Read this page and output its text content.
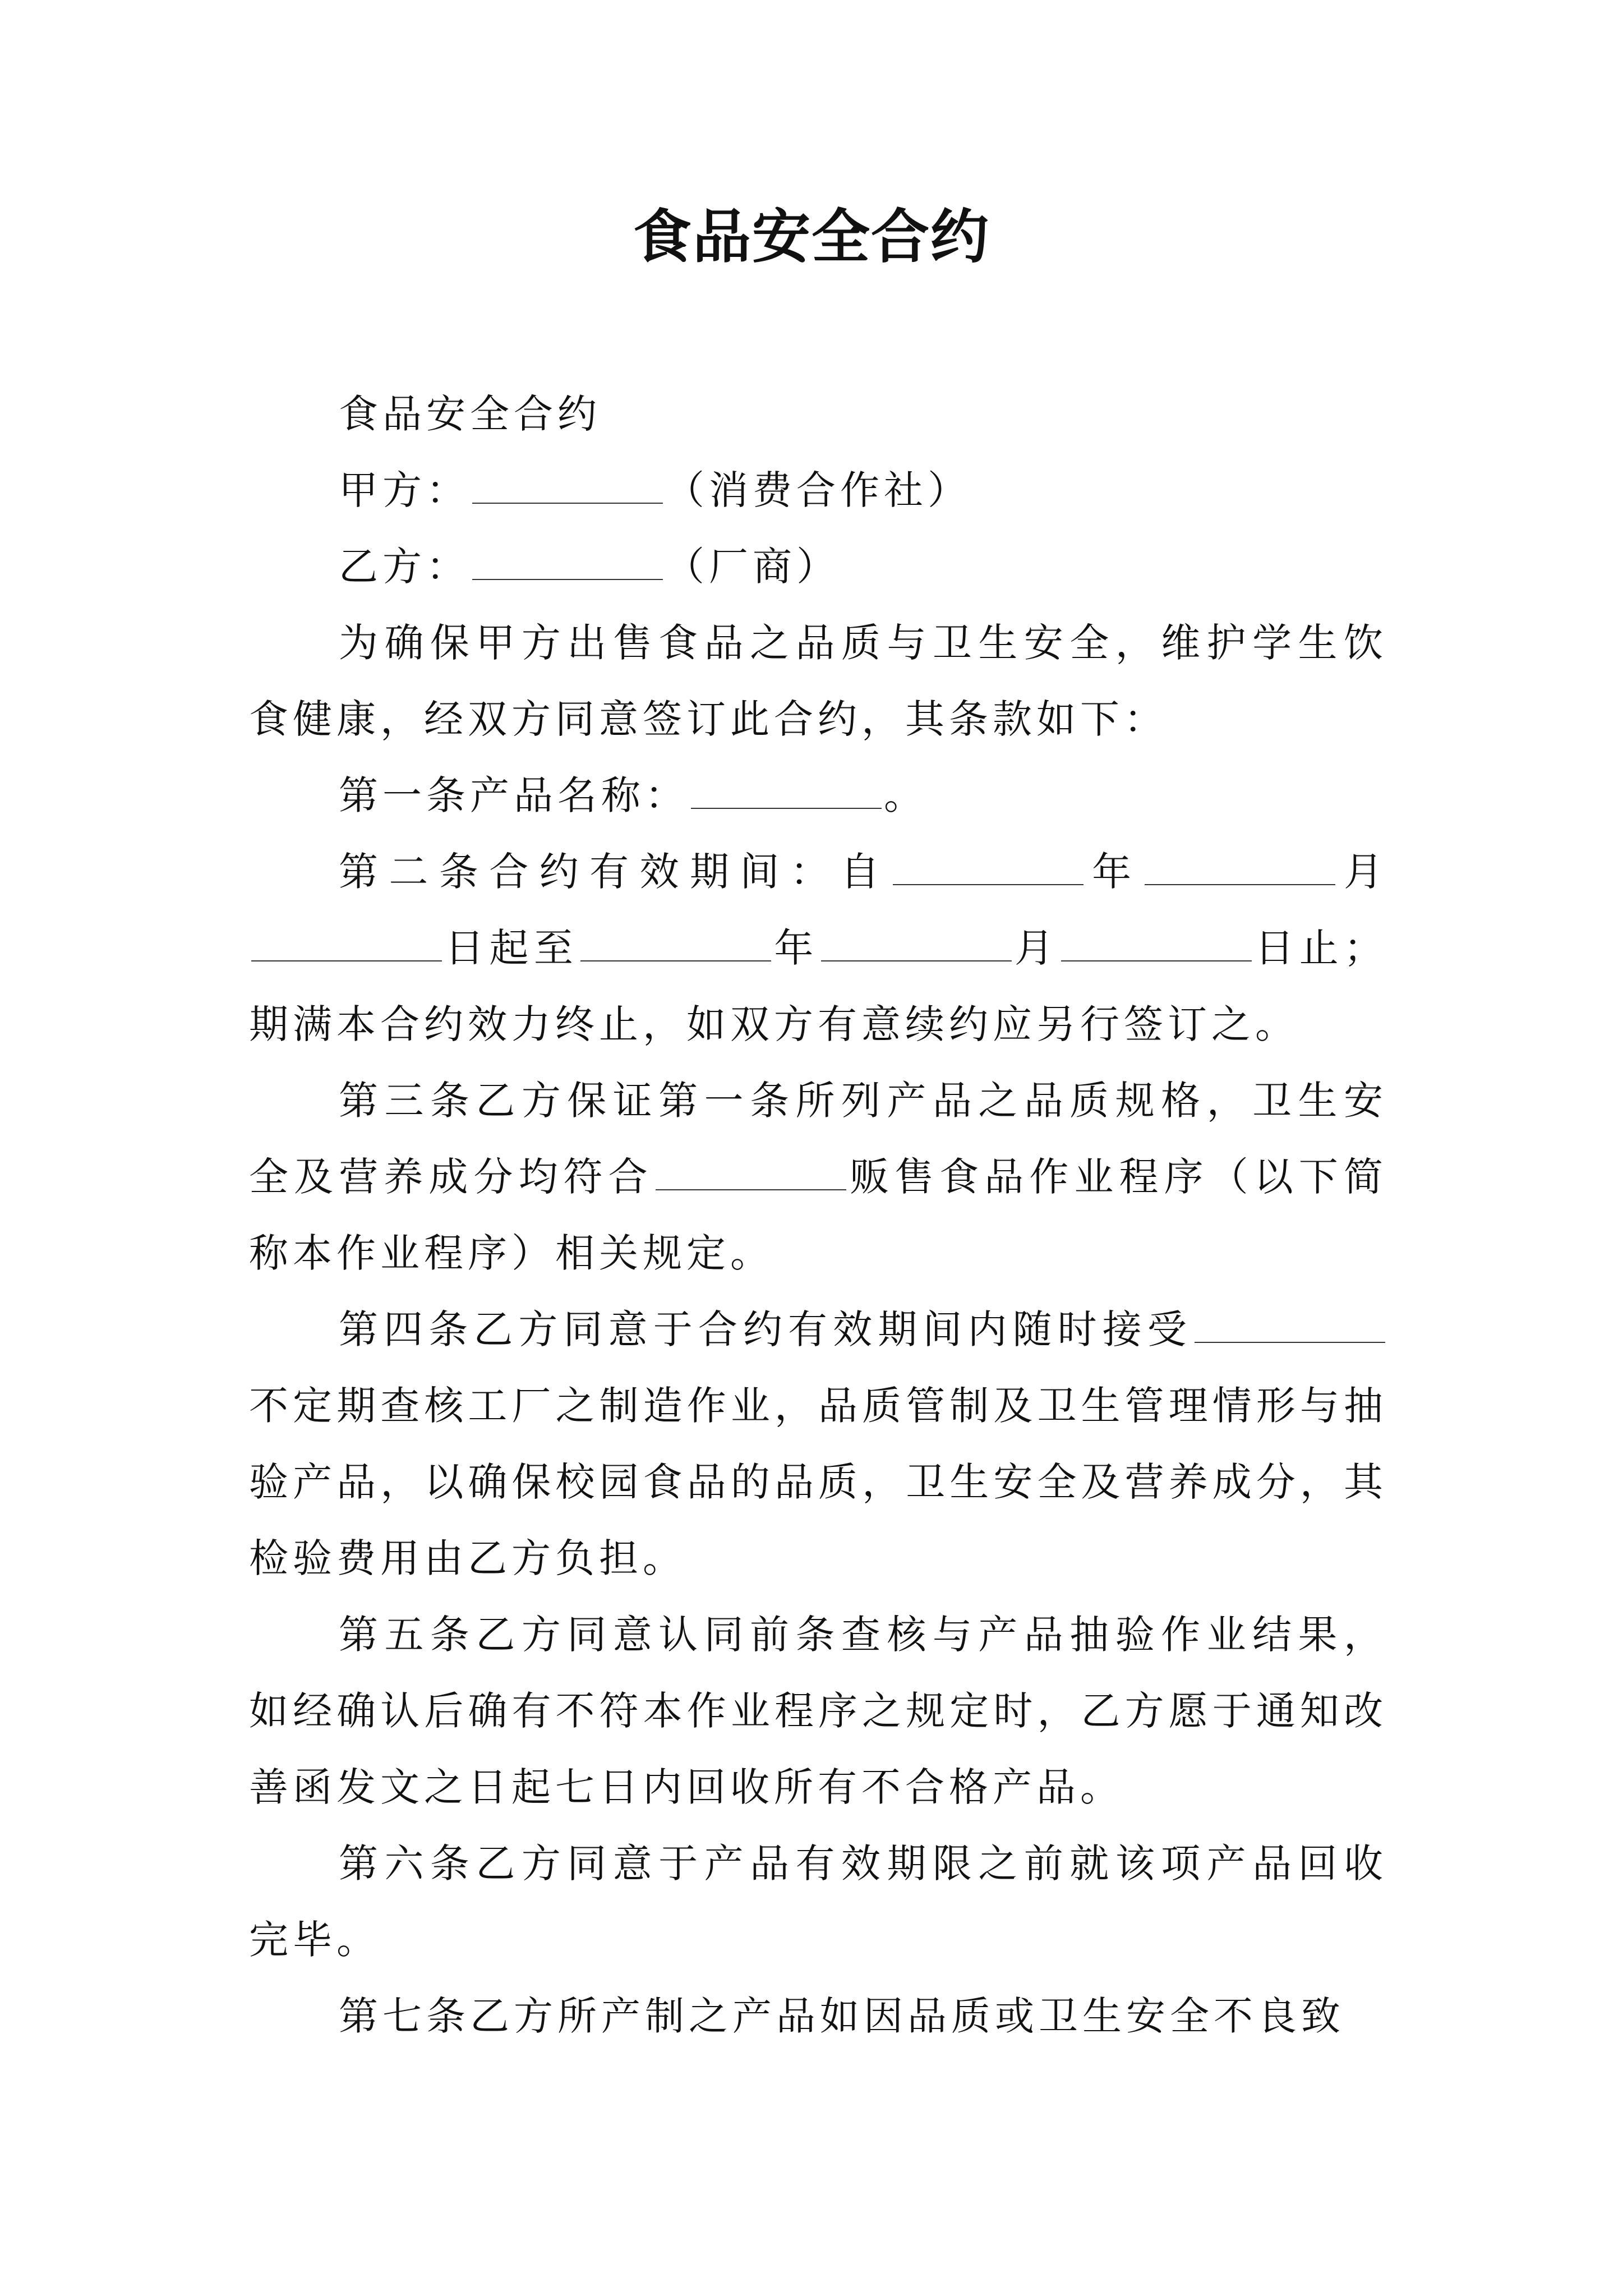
食品安全合约

食品安全合约

甲方：	（消费合作社）

乙方：	（厂商）

为确保甲方出售食品之品质与卫生安全，维护学生饮食健康，经双方同意签订此合约，其条款如下：

第一条产品名称：	。

第二条合约有效期间：自	年	月日起至	年	月	日止；期满本合约效力终止，如双方有意续约应另行签订之。

第三条乙方保证第一条所列产品之品质规格，卫生安全及营养成分均符合	贩售食品作业程序（以下简称本作业程序）相关规定。

第四条乙方同意于合约有效期间内随时接受不定期查核工厂之制造作业，品质管制及卫生管理情形与抽验产品，以确保校园食品的品质，卫生安全及营养成分，其检验费用由乙方负担。

第五条乙方同意认同前条查核与产品抽验作业结果，如经确认后确有不符本作业程序之规定时，乙方愿于通知改善函发文之日起七日内回收所有不合格产品。

第六条乙方同意于产品有效期限之前就该项产品回收完毕。

第七条乙方所产制之产品如因品质或卫生安全不良致
